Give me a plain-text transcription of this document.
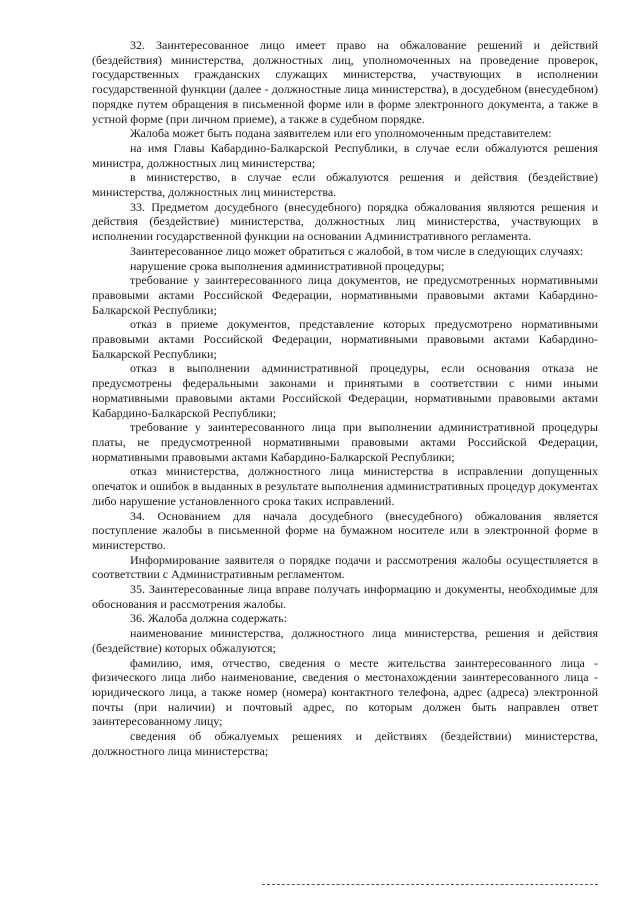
32. Заинтересованное лицо имеет право на обжалование решений и действий (бездействия) министерства, должностных лиц, уполномоченных на проведение проверок, государственных гражданских служащих министерства, участвующих в исполнении государственной функции (далее - должностные лица министерства), в досудебном (внесудебном) порядке путем обращения в письменной форме или в форме электронного документа, а также в устной форме (при личном приеме), а также в судебном порядке.

Жалоба может быть подана заявителем или его уполномоченным представителем:

на имя Главы Кабардино-Балкарской Республики, в случае если обжалуются решения министра, должностных лиц министерства;

в министерство, в случае если обжалуются решения и действия (бездействие) министерства, должностных лиц министерства.

33. Предметом досудебного (внесудебного) порядка обжалования являются решения и действия (бездействие) министерства, должностных лиц министерства, участвующих в исполнении государственной функции на основании Административного регламента.

Заинтересованное лицо может обратиться с жалобой, в том числе в следующих случаях:

нарушение срока выполнения административной процедуры;

требование у заинтересованного лица документов, не предусмотренных нормативными правовыми актами Российской Федерации, нормативными правовыми актами Кабардино-Балкарской Республики;

отказ в приеме документов, представление которых предусмотрено нормативными правовыми актами Российской Федерации, нормативными правовыми актами Кабардино-Балкарской Республики;

отказ в выполнении административной процедуры, если основания отказа не предусмотрены федеральными законами и принятыми в соответствии с ними иными нормативными правовыми актами Российской Федерации, нормативными правовыми актами Кабардино-Балкарской Республики;

требование у заинтересованного лица при выполнении административной процедуры платы, не предусмотренной нормативными правовыми актами Российской Федерации, нормативными правовыми актами Кабардино-Балкарской Республики;

отказ министерства, должностного лица министерства в исправлении допущенных опечаток и ошибок в выданных в результате выполнения административных процедур документах либо нарушение установленного срока таких исправлений.

34. Основанием для начала досудебного (внесудебного) обжалования является поступление жалобы в письменной форме на бумажном носителе или в электронной форме в министерство.

Информирование заявителя о порядке подачи и рассмотрения жалобы осуществляется в соответствии с Административным регламентом.

35. Заинтересованные лица вправе получать информацию и документы, необходимые для обоснования и рассмотрения жалобы.

36. Жалоба должна содержать:

наименование министерства, должностного лица министерства, решения и действия (бездействие) которых обжалуются;

фамилию, имя, отчество, сведения о месте жительства заинтересованного лица - физического лица либо наименование, сведения о местонахождении заинтересованного лица - юридического лица, а также номер (номера) контактного телефона, адрес (адреса) электронной почты (при наличии) и почтовый адрес, по которым должен быть направлен ответ заинтересованному лицу;

сведения об обжалуемых решениях и действиях (бездействии) министерства, должностного лица министерства;
